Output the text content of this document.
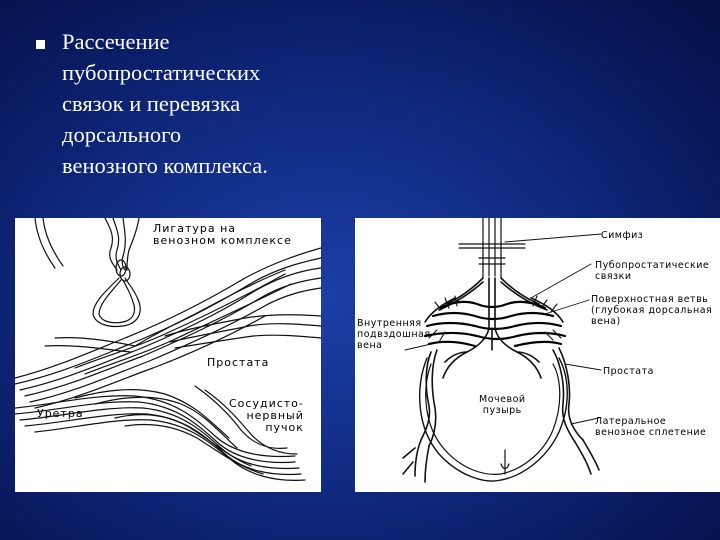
Рассечение
пубопростатических
связок и перевязка
дорсального
венозного комплекса.
Лигатура на
венозном комплексе
Простата
Уретра
Сосудисто-
нервный
пучок
Симфиз
Пубопростатические
связки
Поверхностная ветвь
(глубокая дорсальная
вена)
Внутренняя
подвздошная
вена
Простата
Мочевой
пузырь
Латеральное
венозное сплетение
